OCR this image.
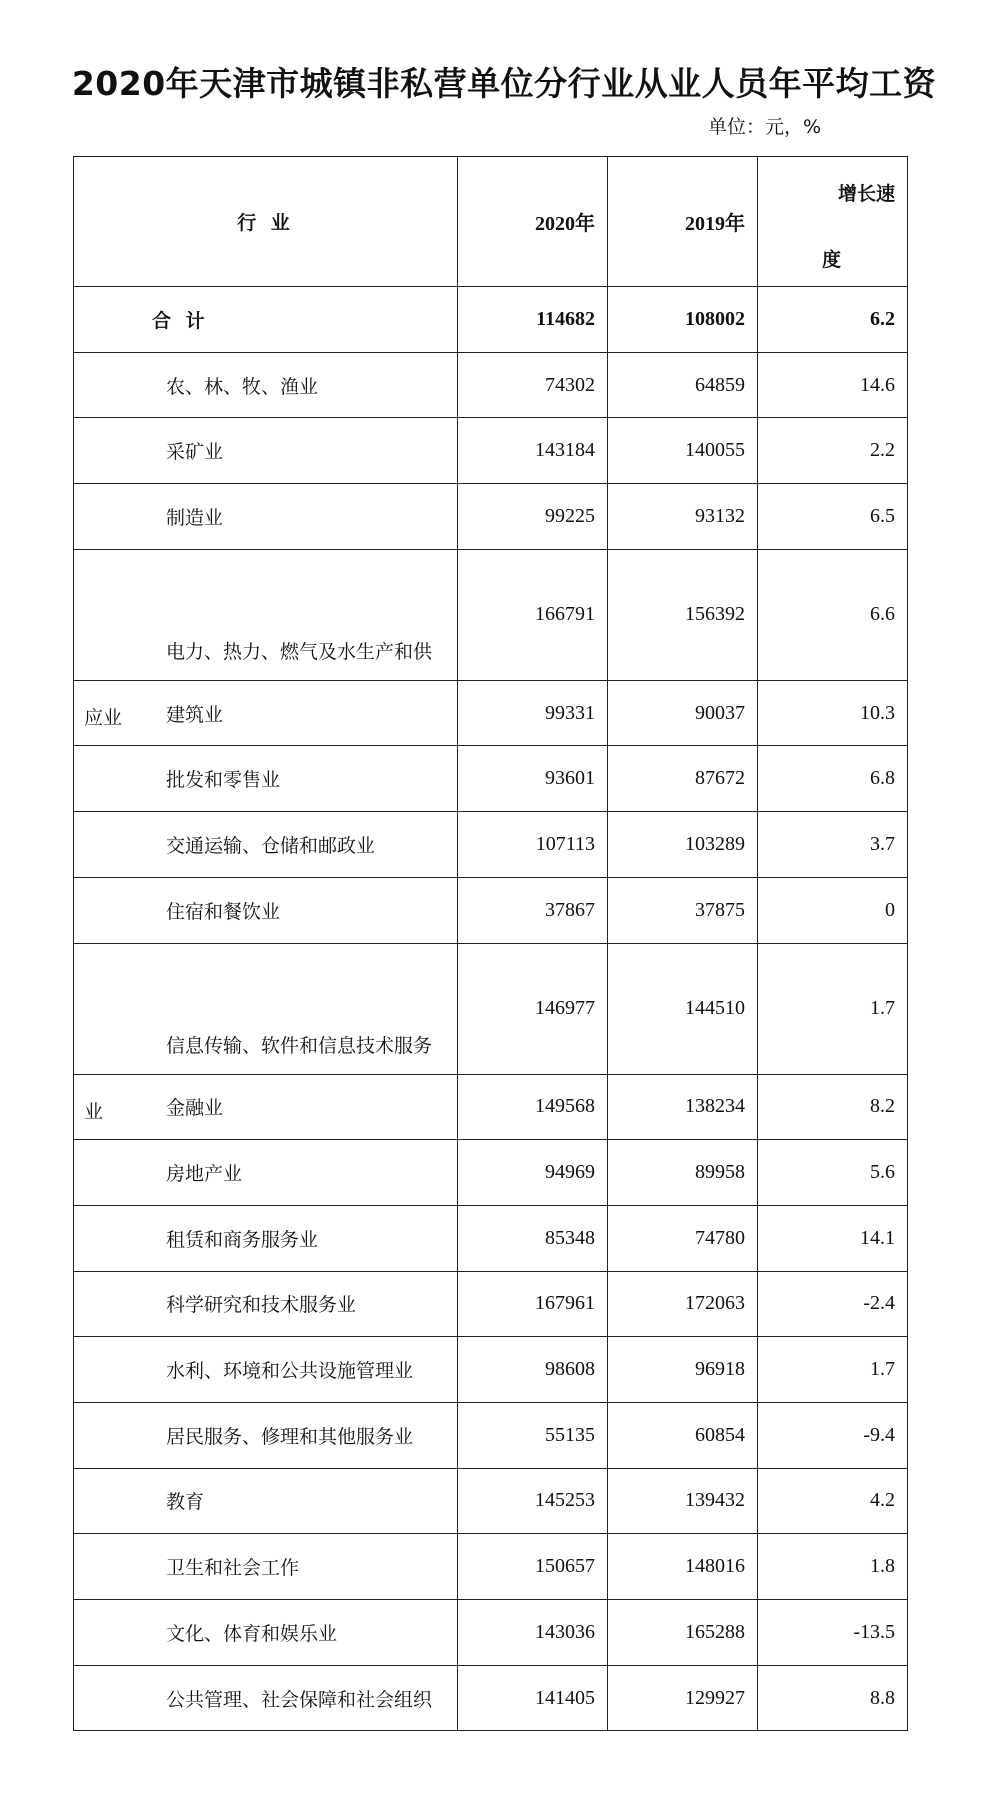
2020年天津市城镇非私营单位分行业从业人员年平均工资
单位：元，%
行 业	2020年	2019年	增长速
度

合 计	114682	108002	6.2
农、林、牧、渔业	74302	64859	14.6
采矿业	143184	140055	2.2
制造业	99225	93132	6.5

电力、热力、燃气及水生产和供
应业	166791	156392	6.6
建筑业	99331	90037	10.3
批发和零售业	93601	87672	6.8
交通运输、仓储和邮政业	107113	103289	3.7
住宿和餐饮业	37867	37875	0

信息传输、软件和信息技术服务
业	146977	144510	1.7
金融业	149568	138234	8.2
房地产业	94969	89958	5.6
租赁和商务服务业	85348	74780	14.1
科学研究和技术服务业	167961	172063	-2.4
水利、环境和公共设施管理业	98608	96918	1.7
居民服务、修理和其他服务业	55135	60854	-9.4
教育	145253	139432	4.2
卫生和社会工作	150657	148016	1.8
文化、体育和娱乐业	143036	165288	-13.5
公共管理、社会保障和社会组织	141405	129927	8.8
